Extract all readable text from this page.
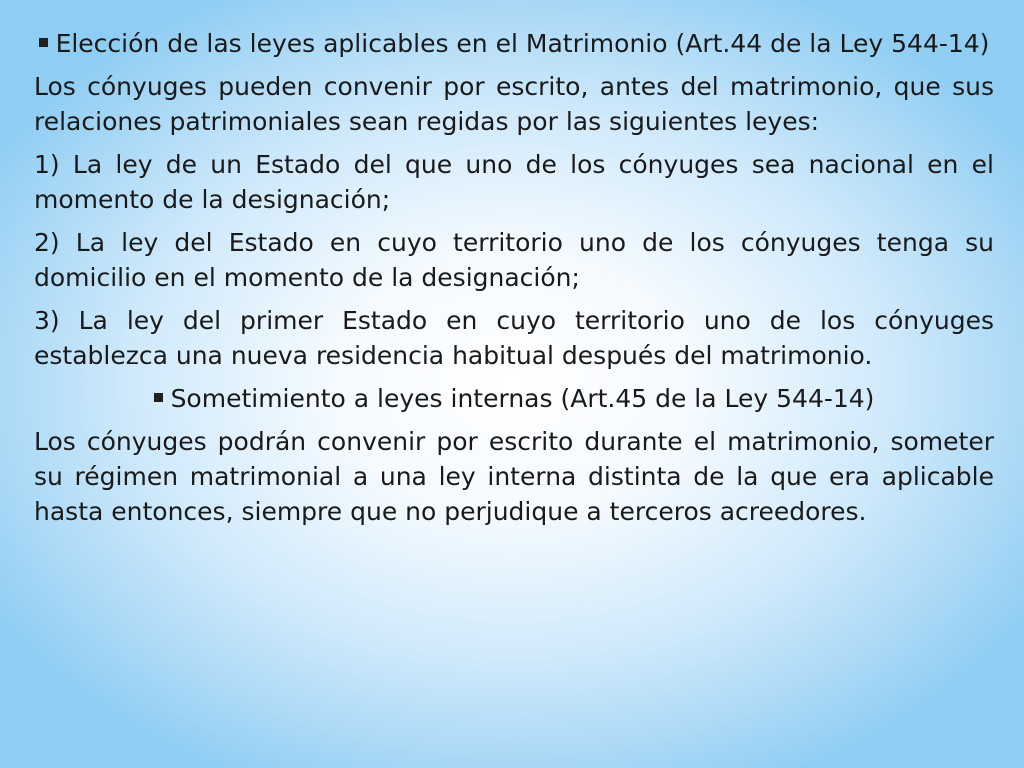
Elección de las leyes aplicables en el Matrimonio (Art.44 de la Ley 544-14)

Los cónyuges pueden convenir por escrito, antes del matrimonio, que sus relaciones patrimoniales sean regidas por las siguientes leyes:

1) La ley de un Estado del que uno de los cónyuges sea nacional en el momento de la designación;

2) La ley del Estado en cuyo territorio uno de los cónyuges tenga su domicilio en el momento de la designación;

3) La ley del primer Estado en cuyo territorio uno de los cónyuges establezca una nueva residencia habitual después del matrimonio.

Sometimiento a leyes internas (Art.45 de la Ley 544-14)

Los cónyuges podrán convenir por escrito durante el matrimonio, someter su régimen matrimonial a una ley interna distinta de la que era aplicable hasta entonces, siempre que no perjudique a terceros acreedores.
